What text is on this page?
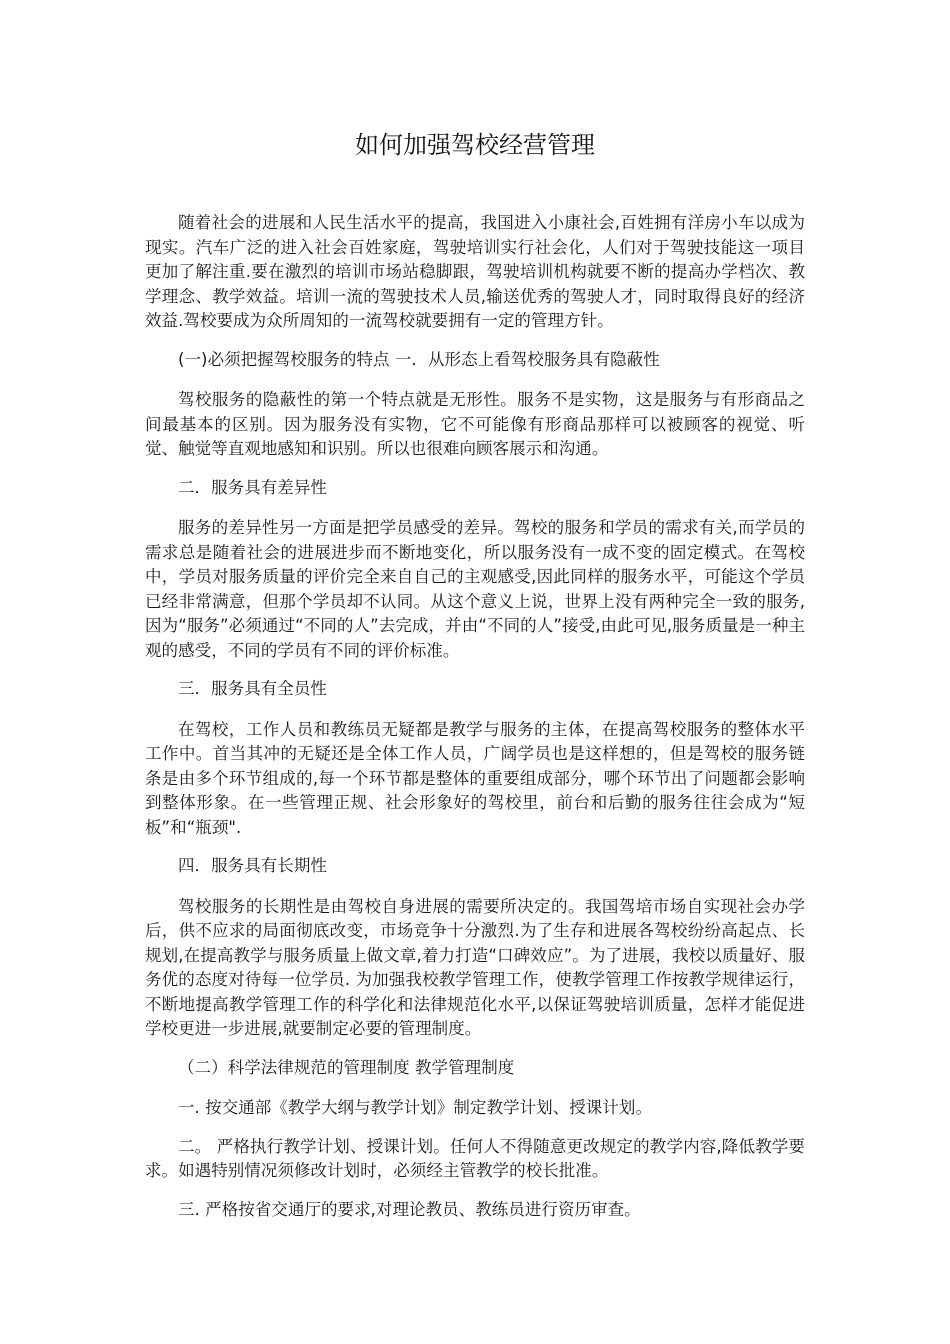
如何加强驾校经营管理

随着社会的进展和人民生活水平的提高，我国进入小康社会,百姓拥有洋房小车以成为现实。汽车广泛的进入社会百姓家庭，驾驶培训实行社会化，人们对于驾驶技能这一项目更加了解注重.要在激烈的培训市场站稳脚跟，驾驶培训机构就要不断的提高办学档次、教学理念、教学效益。培训一流的驾驶技术人员,输送优秀的驾驶人才，同时取得良好的经济效益.驾校要成为众所周知的一流驾校就要拥有一定的管理方针。

(一)必须把握驾校服务的特点 一．从形态上看驾校服务具有隐蔽性

驾校服务的隐蔽性的第一个特点就是无形性。服务不是实物，这是服务与有形商品之间最基本的区别。因为服务没有实物，它不可能像有形商品那样可以被顾客的视觉、听觉、触觉等直观地感知和识别。所以也很难向顾客展示和沟通。

二．服务具有差异性

服务的差异性另一方面是把学员感受的差异。驾校的服务和学员的需求有关,而学员的需求总是随着社会的进展进步而不断地变化，所以服务没有一成不变的固定模式。在驾校中，学员对服务质量的评价完全来自自己的主观感受,因此同样的服务水平，可能这个学员已经非常满意，但那个学员却不认同。从这个意义上说，世界上没有两种完全一致的服务,因为“服务”必须通过“不同的人”去完成，并由“不同的人”接受,由此可见,服务质量是一种主观的感受，不同的学员有不同的评价标准。

三．服务具有全员性

在驾校，工作人员和教练员无疑都是教学与服务的主体，在提高驾校服务的整体水平工作中。首当其冲的无疑还是全体工作人员，广阔学员也是这样想的，但是驾校的服务链条是由多个环节组成的,每一个环节都是整体的重要组成部分，哪个环节出了问题都会影响到整体形象。在一些管理正规、社会形象好的驾校里，前台和后勤的服务往往会成为“短板”和“瓶颈".

四．服务具有长期性

驾校服务的长期性是由驾校自身进展的需要所决定的。我国驾培市场自实现社会办学后，供不应求的局面彻底改变，市场竞争十分激烈.为了生存和进展各驾校纷纷高起点、长规划,在提高教学与服务质量上做文章,着力打造“口碑效应”。为了进展，我校以质量好、服务优的态度对待每一位学员. 为加强我校教学管理工作，使教学管理工作按教学规律运行，不断地提高教学管理工作的科学化和法律规范化水平,以保证驾驶培训质量，怎样才能促进学校更进一步进展,就要制定必要的管理制度。

（二）科学法律规范的管理制度 教学管理制度

一. 按交通部《教学大纲与教学计划》制定教学计划、授课计划。

二。 严格执行教学计划、授课计划。任何人不得随意更改规定的教学内容,降低教学要求。如遇特别情况须修改计划时，必须经主管教学的校长批准。

三. 严格按省交通厅的要求,对理论教员、教练员进行资历审查。
